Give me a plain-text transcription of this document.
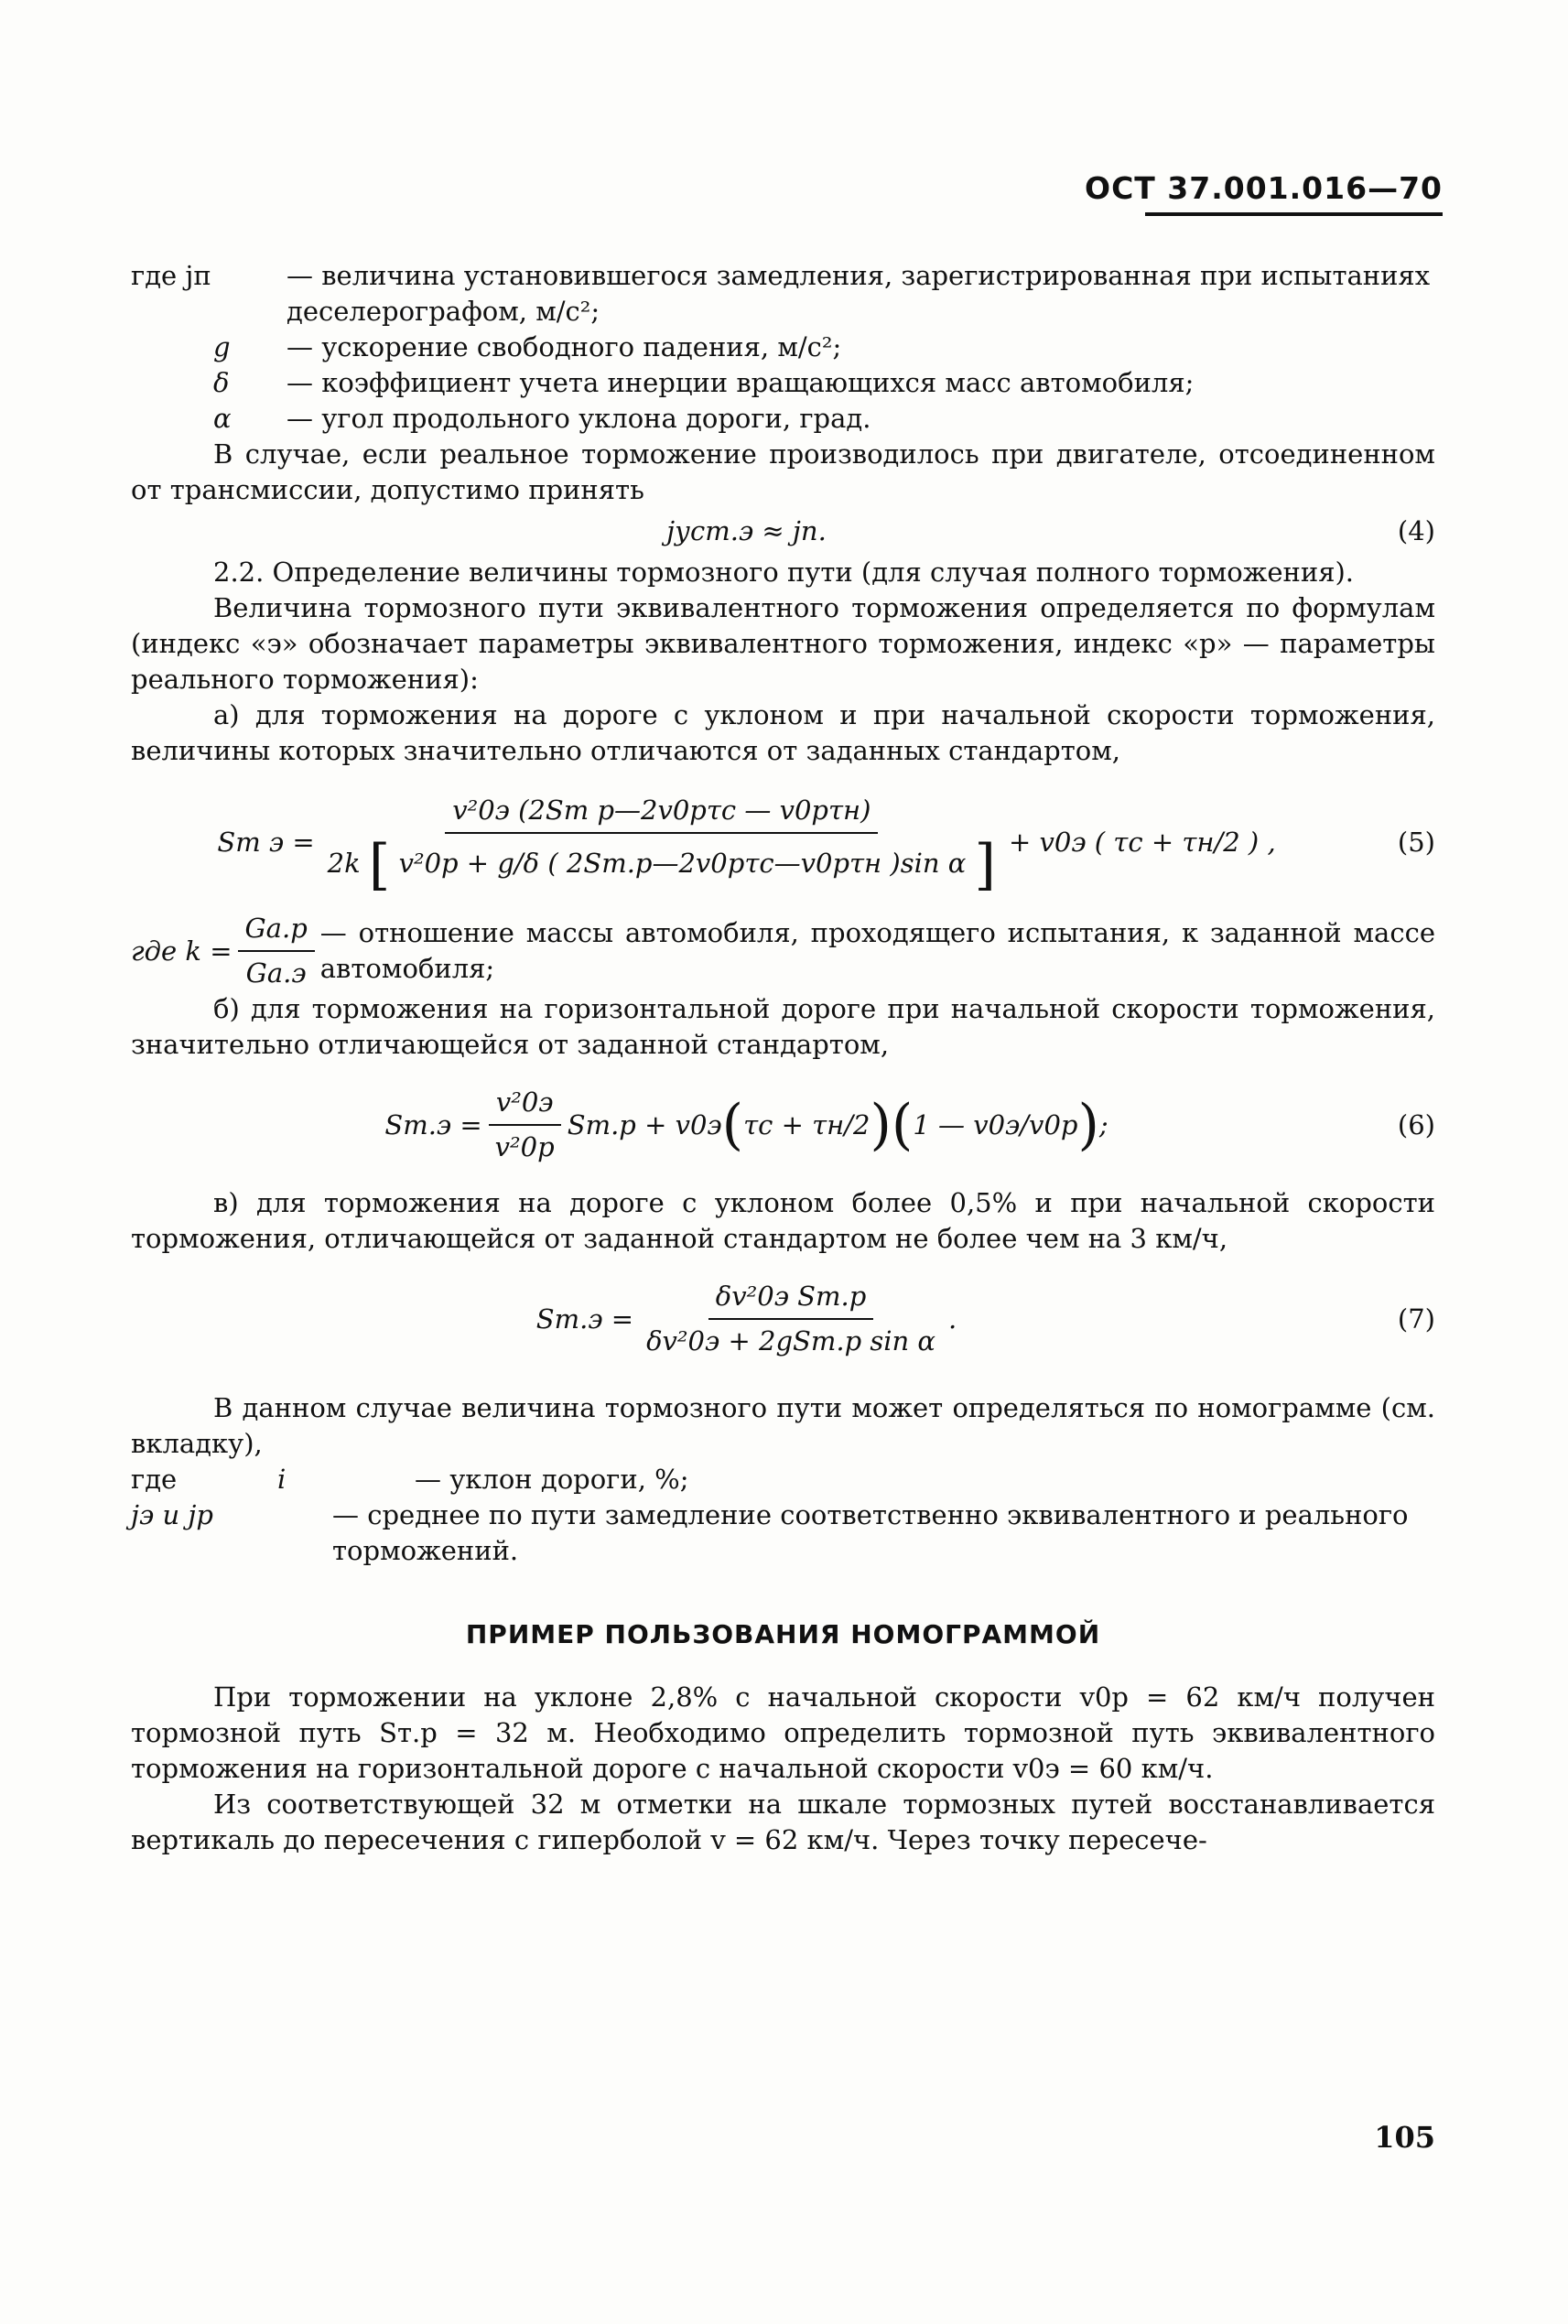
ОСТ 37.001.016—70
где jп	— величина установившегося замедления, зарегистрированная при испытаниях деселерографом, м/с²;
g	— ускорение свободного падения, м/с²;
δ	— коэффициент учета инерции вращающихся масс автомобиля;
α	— угол продольного уклона дороги, град.

В случае, если реальное торможение производилось при двигателе, отсоединенном от трансмиссии, допустимо принять

jуст.э ≈ jп.	(4)

2.2. Определение величины тормозного пути (для случая полного торможения).

Величина тормозного пути эквивалентного торможения определяется по формулам (индекс «э» обозначает параметры эквивалентного торможения, индекс «р» — параметры реального торможения):

а) для торможения на дороге с уклоном и при начальной скорости торможения, величины которых значительно отличаются от заданных стандартом,

Sт э =
v²0э (2Sт р—2v0рτс — v0рτн)
2k [ v²0р + g/δ ( 2Sт.р—2v0рτс—v0рτн )sin α ] + v0э ( τс + τн/2 ) ,	(5)
где $k = \frac{Gа.р}{Gа.э}$ — отношение массы автомобиля, проходящего испытания, к заданной массе автомобиля;

б) для торможения на горизонтальной дороге при начальной скорости торможения, значительно отличающейся от заданной стандартом,

$Sт.э = \frac{\text{v²0э}}{\text{v²0р}} Sт.р + v0э$ ( τс + τн/2 ) ( 1 — v0э/v0р ) ;	(6)

в) для торможения на дороге с уклоном более 0,5% и при начальной скорости торможения, отличающейся от заданной стандартом не более чем на 3 км/ч,

$Sт.э = \frac{\text{δv²0э Sт.р}}{\text{δv²0э + 2gSт.р sin α}}$ .	(7)

В данном случае величина тормозного пути может определяться по номограмме (см. вкладку),

где	i	— уклон дороги, %;
jэ и jр	— среднее по пути замедление соответственно эквивалентного и реального торможений.
ПРИМЕР ПОЛЬЗОВАНИЯ НОМОГРАММОЙ

При торможении на уклоне 2,8% с начальной скорости v0р = 62 км/ч получен тормозной путь Sт.р = 32 м. Необходимо определить тормозной путь эквивалентного торможения на горизонтальной дороге с начальной скорости v0э = 60 км/ч.

Из соответствующей 32 м отметки на шкале тормозных путей восстанавливается вертикаль до пересечения с гиперболой v = 62 км/ч. Через точку пересече-

105
